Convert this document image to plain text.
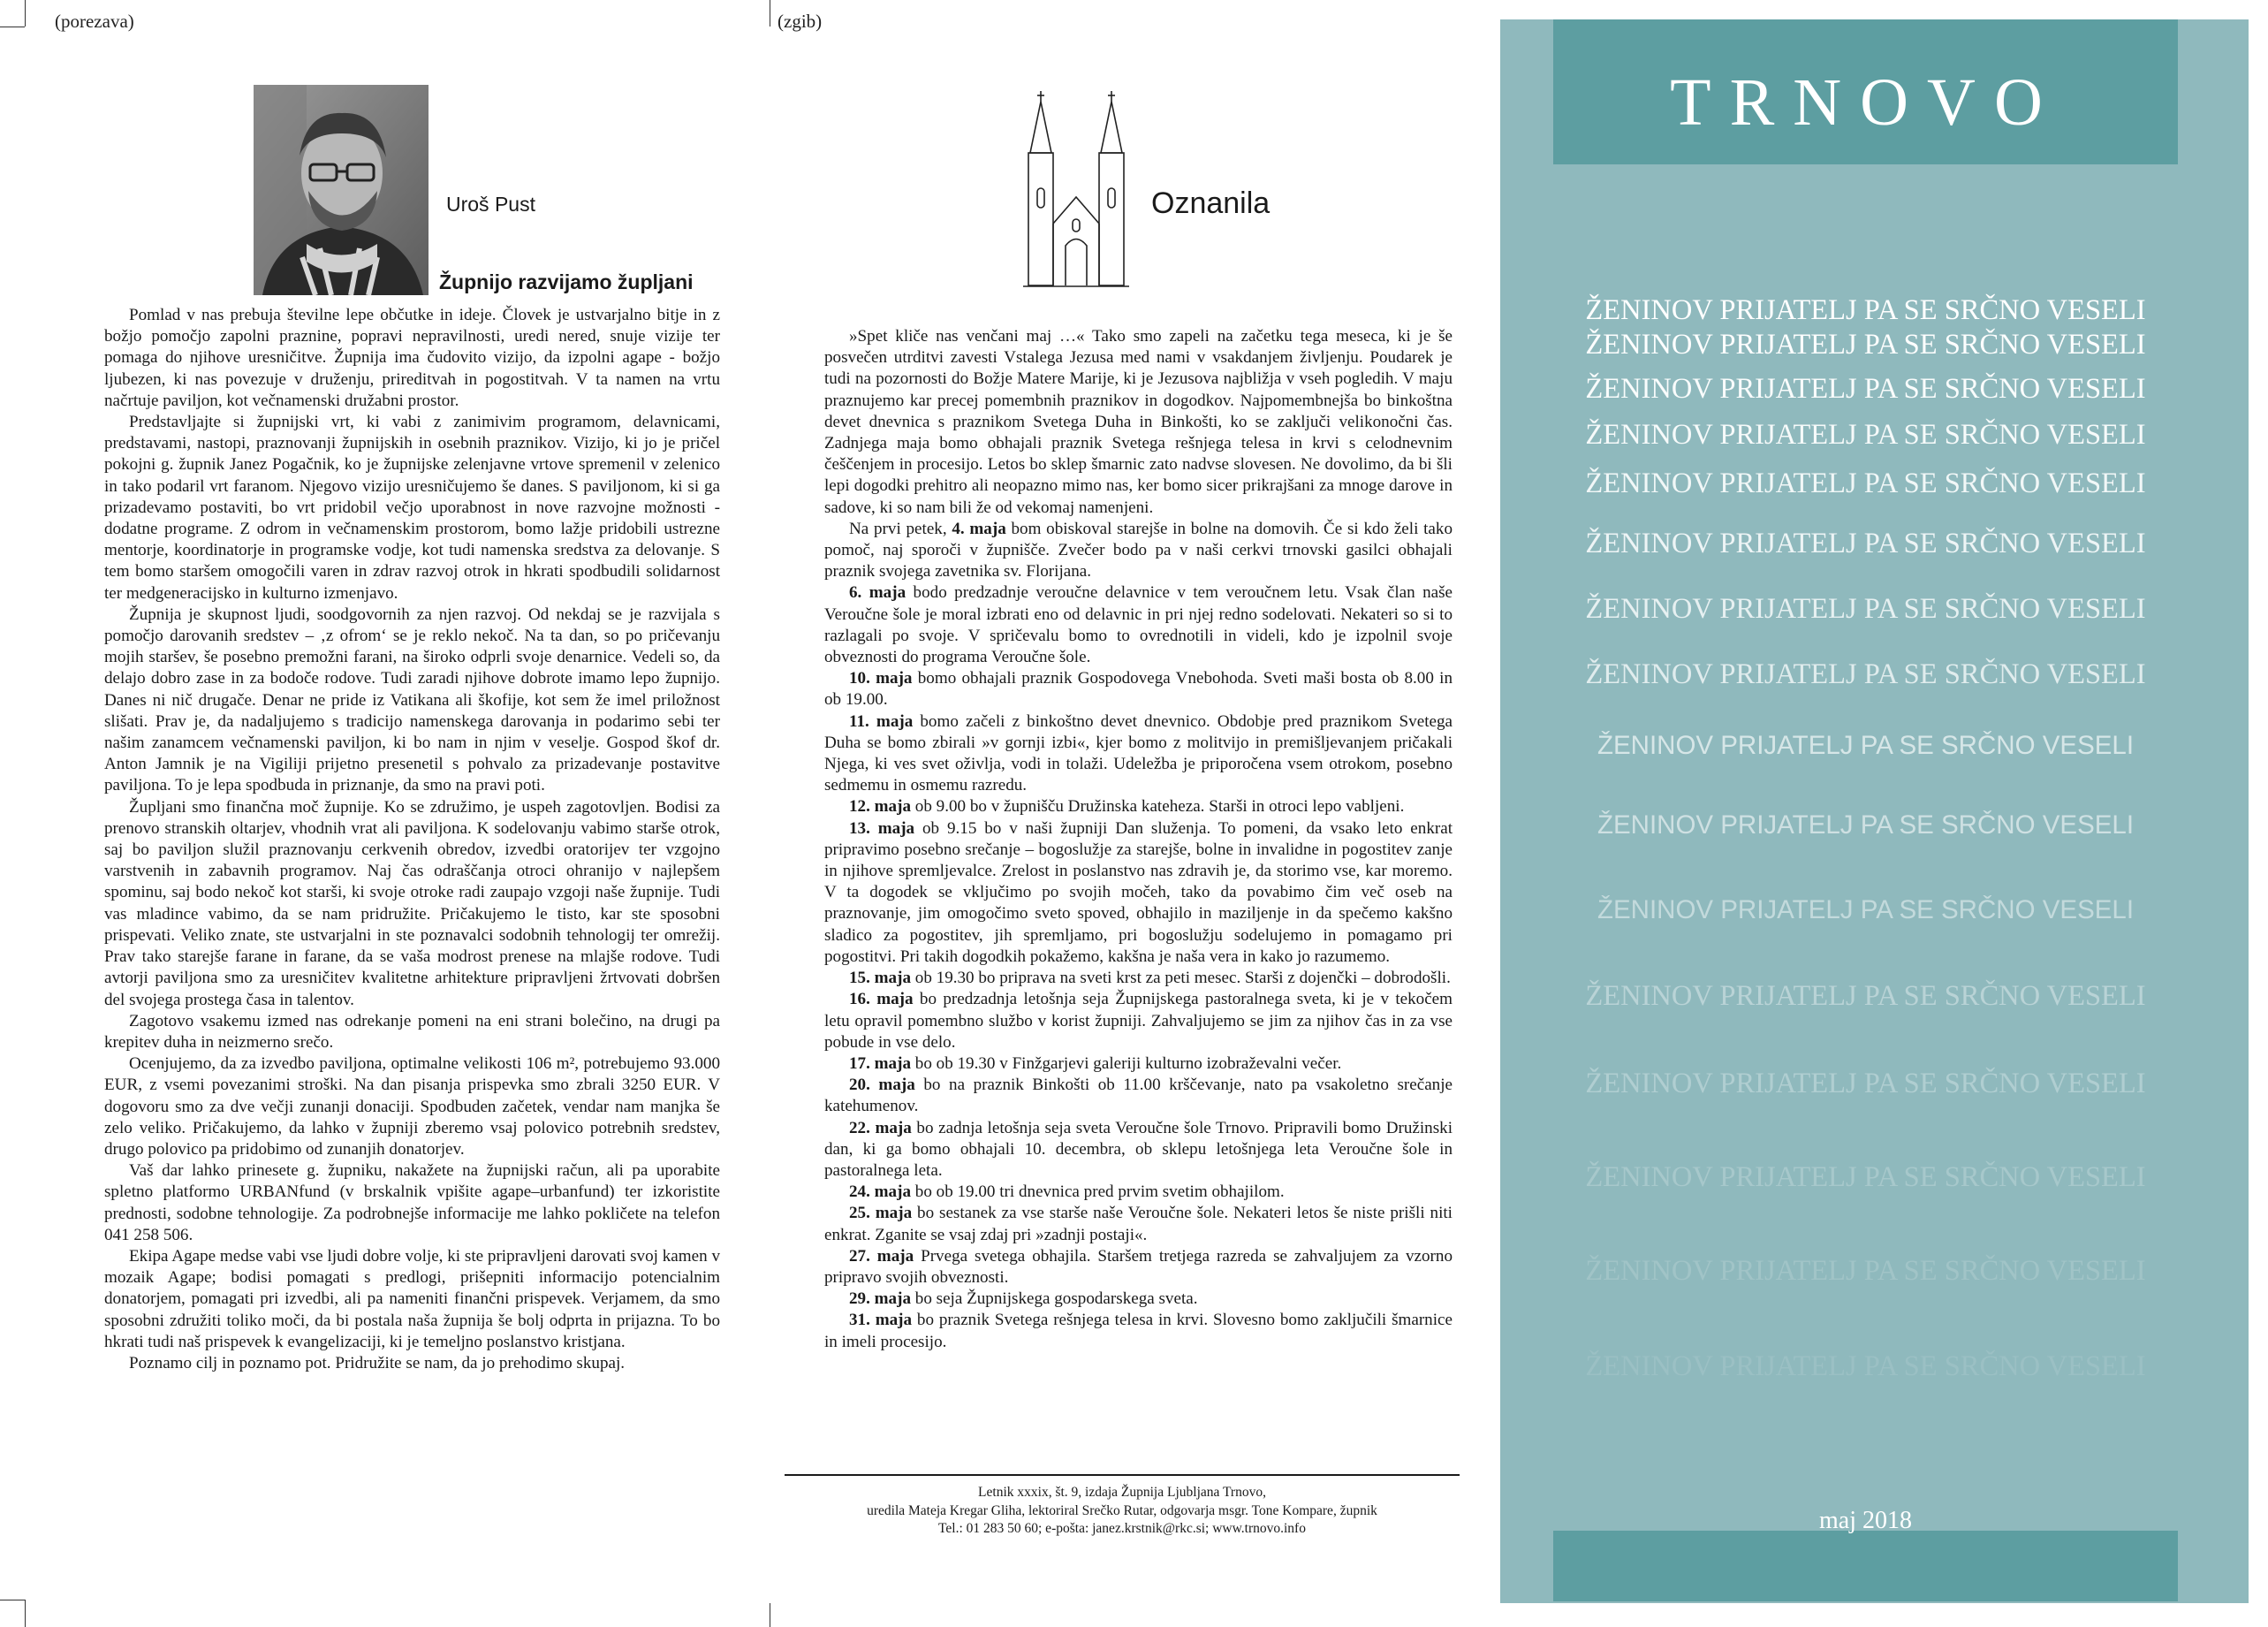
(porezava)	(zgib)
Uroš Pust
Župnijo razvijamo župljani

Pomlad v nas prebuja številne lepe občutke in ideje. Človek je ustvarjalno bitje in z božjo pomočjo zapolni praznine, popravi nepravilnosti, uredi nered, snuje vizije ter pomaga do njihove uresničitve. Župnija ima čudovito vizijo, da izpolni agape - božjo ljubezen, ki nas povezuje v druženju, prireditvah in pogostitvah. V ta namen na vrtu načrtuje paviljon, kot večnamenski družabni prostor.

Predstavljajte si župnijski vrt, ki vabi z zanimivim programom, delavnicami, predstavami, nastopi, praznovanji župnijskih in osebnih praznikov. Vizijo, ki jo je pričel pokojni g. župnik Janez Pogačnik, ko je župnijske zelenjavne vrtove spremenil v zelenico in tako podaril vrt faranom. Njegovo vizijo uresničujemo še danes. S paviljonom, ki si ga prizadevamo postaviti, bo vrt pridobil večjo uporabnost in nove razvojne možnosti - dodatne programe. Z odrom in večnamenskim prostorom, bomo lažje pridobili ustrezne mentorje, koordinatorje in programske vodje, kot tudi namenska sredstva za delovanje. S tem bomo staršem omogočili varen in zdrav razvoj otrok in hkrati spodbudili solidarnost ter medgeneracijsko in kulturno izmenjavo.

Župnija je skupnost ljudi, soodgovornih za njen razvoj. Od nekdaj se je razvijala s pomočjo darovanih sredstev – ‚z ofrom‘ se je reklo nekoč. Na ta dan, so po pričevanju mojih staršev, še posebno premožni farani, na široko odprli svoje denarnice. Vedeli so, da delajo dobro zase in za bodoče rodove. Tudi zaradi njihove dobrote imamo lepo župnijo. Danes ni nič drugače. Denar ne pride iz Vatikana ali škofije, kot sem že imel priložnost slišati. Prav je, da nadaljujemo s tradicijo namenskega darovanja in podarimo sebi ter našim zanamcem večnamenski paviljon, ki bo nam in njim v veselje. Gospod škof dr. Anton Jamnik je na Vigiliji prijetno presenetil s pohvalo za prizadevanje postavitve paviljona. To je lepa spodbuda in priznanje, da smo na pravi poti.

Župljani smo finančna moč župnije. Ko se združimo, je uspeh zagotovljen. Bodisi za prenovo stranskih oltarjev, vhodnih vrat ali paviljona. K sodelovanju vabimo starše otrok, saj bo paviljon služil praznovanju cerkvenih obredov, izvedbi oratorijev ter vzgojno varstvenih in zabavnih programov. Naj čas odraščanja otroci ohranijo v najlepšem spominu, saj bodo nekoč kot starši, ki svoje otroke radi zaupajo vzgoji naše župnije. Tudi vas mladince vabimo, da se nam pridružite. Pričakujemo le tisto, kar ste sposobni prispevati. Veliko znate, ste ustvarjalni in ste poznavalci sodobnih tehnologij ter omrežij. Prav tako starejše farane in farane, da se vaša modrost prenese na mlajše rodove. Tudi avtorji paviljona smo za uresničitev kvalitetne arhitekture pripravljeni žrtvovati dobršen del svojega prostega časa in talentov.

Zagotovo vsakemu izmed nas odrekanje pomeni na eni strani bolečino, na drugi pa krepitev duha in neizmerno srečo.

Ocenjujemo, da za izvedbo paviljona, optimalne velikosti 106 m², potrebujemo 93.000 EUR, z vsemi povezanimi stroški. Na dan pisanja prispevka smo zbrali 3250 EUR. V dogovoru smo za dve večji zunanji donaciji. Spodbuden začetek, vendar nam manjka še zelo veliko. Pričakujemo, da lahko v župniji zberemo vsaj polovico potrebnih sredstev, drugo polovico pa pridobimo od zunanjih donatorjev.

Vaš dar lahko prinesete g. župniku, nakažete na župnijski račun, ali pa uporabite spletno platformo URBANfund (v brskalnik vpišite agape–urbanfund) ter izkoristite prednosti, sodobne tehnologije. Za podrobnejše informacije me lahko pokličete na telefon 041 258 506.

Ekipa Agape medse vabi vse ljudi dobre volje, ki ste pripravljeni darovati svoj kamen v mozaik Agape; bodisi pomagati s predlogi, prišepniti informacijo potencialnim donatorjem, pomagati pri izvedbi, ali pa nameniti finančni prispevek. Verjamem, da smo sposobni združiti toliko moči, da bi postala naša župnija še bolj odprta in prijazna. To bo hkrati tudi naš prispevek k evangelizaciji, ki je temeljno poslanstvo kristjana.

Poznamo cilj in poznamo pot. Pridružite se nam, da jo prehodimo skupaj.

Oznanila

»Spet kliče nas venčani maj …« Tako smo zapeli na začetku tega meseca, ki je še posvečen utrditvi zavesti Vstalega Jezusa med nami v vsakdanjem življenju. Poudarek je tudi na pozornosti do Božje Matere Marije, ki je Jezusova najbližja v vseh pogledih. V maju praznujemo kar precej pomembnih praznikov in dogodkov. Najpomembnejša bo binkoštna devet dnevnica s praznikom Svetega Duha in Binkošti, ko se zaključi velikonočni čas. Zadnjega maja bomo obhajali praznik Svetega rešnjega telesa in krvi s celodnevnim češčenjem in procesijo. Letos bo sklep šmarnic zato nadvse slovesen. Ne dovolimo, da bi šli lepi dogodki prehitro ali neopazno mimo nas, ker bomo sicer prikrajšani za mnoge darove in sadove, ki so nam bili že od vekomaj namenjeni.

Na prvi petek, 4. maja bom obiskoval starejše in bolne na domovih. Če si kdo želi tako pomoč, naj sporoči v župnišče. Zvečer bodo pa v naši cerkvi trnovski gasilci obhajali praznik svojega zavetnika sv. Florijana.

6. maja bodo predzadnje veroučne delavnice v tem veroučnem letu. Vsak član naše Veroučne šole je moral izbrati eno od delavnic in pri njej redno sodelovati. Nekateri so si to razlagali po svoje. V spričevalu bomo to ovrednotili in videli, kdo je izpolnil svoje obveznosti do programa Veroučne šole.

10. maja bomo obhajali praznik Gospodovega Vnebohoda. Sveti maši bosta ob 8.00 in ob 19.00.

11. maja bomo začeli z binkoštno devet dnevnico. Obdobje pred praznikom Svetega Duha se bomo zbirali »v gornji izbi«, kjer bomo z molitvijo in premišljevanjem pričakali Njega, ki ves svet oživlja, vodi in tolaži. Udeležba je priporočena vsem otrokom, posebno sedmemu in osmemu razredu.

12. maja ob 9.00 bo v župnišču Družinska kateheza. Starši in otroci lepo vabljeni.

13. maja ob 9.15 bo v naši župniji Dan služenja. To pomeni, da vsako leto enkrat pripravimo posebno srečanje – bogoslužje za starejše, bolne in invalidne in pogostitev zanje in njihove spremljevalce. Zrelost in poslanstvo nas zdravih je, da storimo vse, kar moremo. V ta dogodek se vključimo po svojih močeh, tako da povabimo čim več oseb na praznovanje, jim omogočimo sveto spoved, obhajilo in maziljenje in da spečemo kakšno sladico za pogostitev, jih spremljamo, pri bogoslužju sodelujemo in pomagamo pri pogostitvi. Pri takih dogodkih pokažemo, kakšna je naša vera in kako jo razumemo.

15. maja ob 19.30 bo priprava na sveti krst za peti mesec. Starši z dojenčki – dobrodošli.

16. maja bo predzadnja letošnja seja Župnijskega pastoralnega sveta, ki je v tekočem letu opravil pomembno službo v korist župniji. Zahvaljujemo se jim za njihov čas in za vse pobude in vse delo.

17. maja bo ob 19.30 v Finžgarjevi galeriji kulturno izobraževalni večer.

20. maja bo na praznik Binkošti ob 11.00 krščevanje, nato pa vsakoletno srečanje katehumenov.

22. maja bo zadnja letošnja seja sveta Veroučne šole Trnovo. Pripravili bomo Družinski dan, ki ga bomo obhajali 10. decembra, ob sklepu letošnjega leta Veroučne šole in pastoralnega leta.

24. maja bo ob 19.00 tri dnevnica pred prvim svetim obhajilom.

25. maja bo sestanek za vse starše naše Veroučne šole. Nekateri letos še niste prišli niti enkrat. Zganite se vsaj zdaj pri »zadnji postaji«.

27. maja Prvega svetega obhajila. Staršem tretjega razreda se zahvaljujem za vzorno pripravo svojih obveznosti.

29. maja bo seja Župnijskega gospodarskega sveta.

31. maja bo praznik Svetega rešnjega telesa in krvi. Slovesno bomo zaključili šmarnice in imeli procesijo.

Letnik xxxix, št. 9, izdaja Župnija Ljubljana Trnovo,
uredila Mateja Kregar Gliha, lektoriral Srečko Rutar, odgovarja msgr. Tone Kompare, župnik
Tel.: 01 283 50 60; e-pošta: janez.krstnik@rkc.si; www.trnovo.info
TRNOVO
ŽENINOV PRIJATELJ PA SE SRČNO VESELI
ŽENINOV PRIJATELJ PA SE SRČNO VESELI
ŽENINOV PRIJATELJ PA SE SRČNO VESELI
ŽENINOV PRIJATELJ PA SE SRČNO VESELI
ŽENINOV PRIJATELJ PA SE SRČNO VESELI
ŽENINOV PRIJATELJ PA SE SRČNO VESELI
ŽENINOV PRIJATELJ PA SE SRČNO VESELI
ŽENINOV PRIJATELJ PA SE SRČNO VESELI
ŽENINOV PRIJATELJ PA SE SRČNO VESELI
ŽENINOV PRIJATELJ PA SE SRČNO VESELI
ŽENINOV PRIJATELJ PA SE SRČNO VESELI
ŽENINOV PRIJATELJ PA SE SRČNO VESELI
ŽENINOV PRIJATELJ PA SE SRČNO VESELI
ŽENINOV PRIJATELJ PA SE SRČNO VESELI
ŽENINOV PRIJATELJ PA SE SRČNO VESELI
ŽENINOV PRIJATELJ PA SE SRČNO VESELI
maj 2018
